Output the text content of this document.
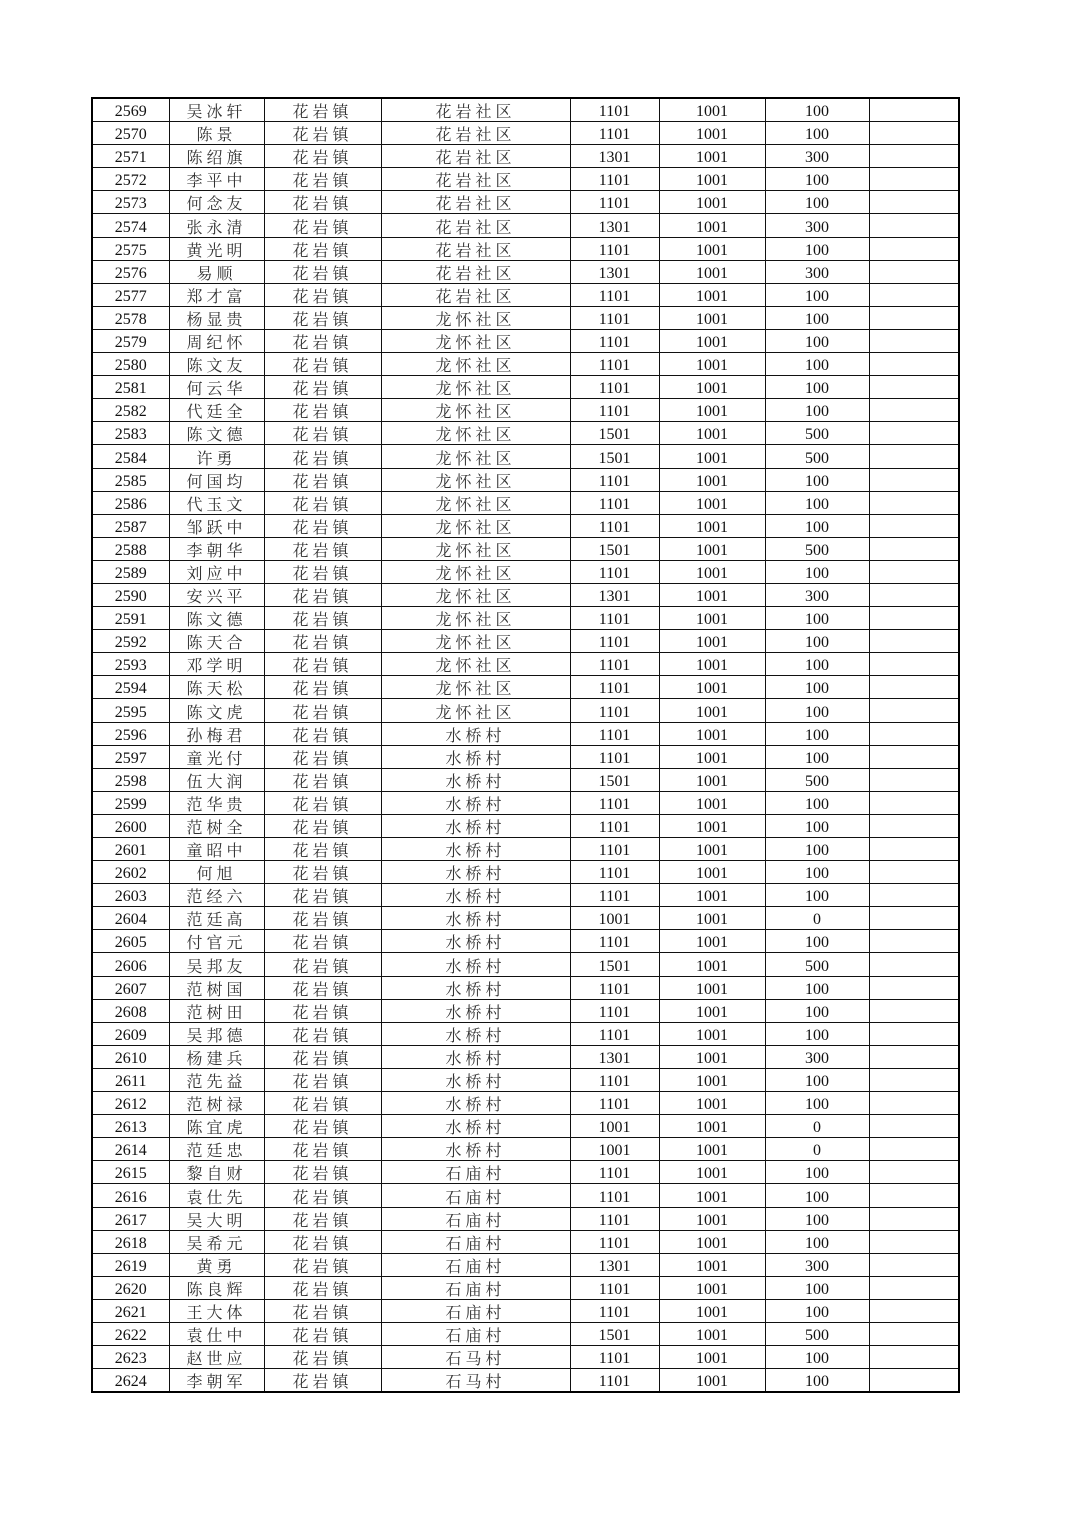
2569	吴冰轩	花岩镇	花岩社区	1101	1001	100	
2570	陈景	花岩镇	花岩社区	1101	1001	100	
2571	陈绍旗	花岩镇	花岩社区	1301	1001	300	
2572	李平中	花岩镇	花岩社区	1101	1001	100	
2573	何念友	花岩镇	花岩社区	1101	1001	100	
2574	张永清	花岩镇	花岩社区	1301	1001	300	
2575	黄光明	花岩镇	花岩社区	1101	1001	100	
2576	易顺	花岩镇	花岩社区	1301	1001	300	
2577	郑才富	花岩镇	花岩社区	1101	1001	100	
2578	杨显贵	花岩镇	龙怀社区	1101	1001	100	
2579	周纪怀	花岩镇	龙怀社区	1101	1001	100	
2580	陈文友	花岩镇	龙怀社区	1101	1001	100	
2581	何云华	花岩镇	龙怀社区	1101	1001	100	
2582	代廷全	花岩镇	龙怀社区	1101	1001	100	
2583	陈文德	花岩镇	龙怀社区	1501	1001	500	
2584	许勇	花岩镇	龙怀社区	1501	1001	500	
2585	何国均	花岩镇	龙怀社区	1101	1001	100	
2586	代玉文	花岩镇	龙怀社区	1101	1001	100	
2587	邹跃中	花岩镇	龙怀社区	1101	1001	100	
2588	李朝华	花岩镇	龙怀社区	1501	1001	500	
2589	刘应中	花岩镇	龙怀社区	1101	1001	100	
2590	安兴平	花岩镇	龙怀社区	1301	1001	300	
2591	陈文德	花岩镇	龙怀社区	1101	1001	100	
2592	陈天合	花岩镇	龙怀社区	1101	1001	100	
2593	邓学明	花岩镇	龙怀社区	1101	1001	100	
2594	陈天松	花岩镇	龙怀社区	1101	1001	100	
2595	陈文虎	花岩镇	龙怀社区	1101	1001	100	
2596	孙梅君	花岩镇	水桥村	1101	1001	100	
2597	童光付	花岩镇	水桥村	1101	1001	100	
2598	伍大润	花岩镇	水桥村	1501	1001	500	
2599	范华贵	花岩镇	水桥村	1101	1001	100	
2600	范树全	花岩镇	水桥村	1101	1001	100	
2601	童昭中	花岩镇	水桥村	1101	1001	100	
2602	何旭	花岩镇	水桥村	1101	1001	100	
2603	范经六	花岩镇	水桥村	1101	1001	100	
2604	范廷高	花岩镇	水桥村	1001	1001	0	
2605	付官元	花岩镇	水桥村	1101	1001	100	
2606	吴邦友	花岩镇	水桥村	1501	1001	500	
2607	范树国	花岩镇	水桥村	1101	1001	100	
2608	范树田	花岩镇	水桥村	1101	1001	100	
2609	吴邦德	花岩镇	水桥村	1101	1001	100	
2610	杨建兵	花岩镇	水桥村	1301	1001	300	
2611	范先益	花岩镇	水桥村	1101	1001	100	
2612	范树禄	花岩镇	水桥村	1101	1001	100	
2613	陈宜虎	花岩镇	水桥村	1001	1001	0	
2614	范廷忠	花岩镇	水桥村	1001	1001	0	
2615	黎自财	花岩镇	石庙村	1101	1001	100	
2616	袁仕先	花岩镇	石庙村	1101	1001	100	
2617	吴大明	花岩镇	石庙村	1101	1001	100	
2618	吴希元	花岩镇	石庙村	1101	1001	100	
2619	黄勇	花岩镇	石庙村	1301	1001	300	
2620	陈良辉	花岩镇	石庙村	1101	1001	100	
2621	王大体	花岩镇	石庙村	1101	1001	100	
2622	袁仕中	花岩镇	石庙村	1501	1001	500	
2623	赵世应	花岩镇	石马村	1101	1001	100	
2624	李朝军	花岩镇	石马村	1101	1001	100	
